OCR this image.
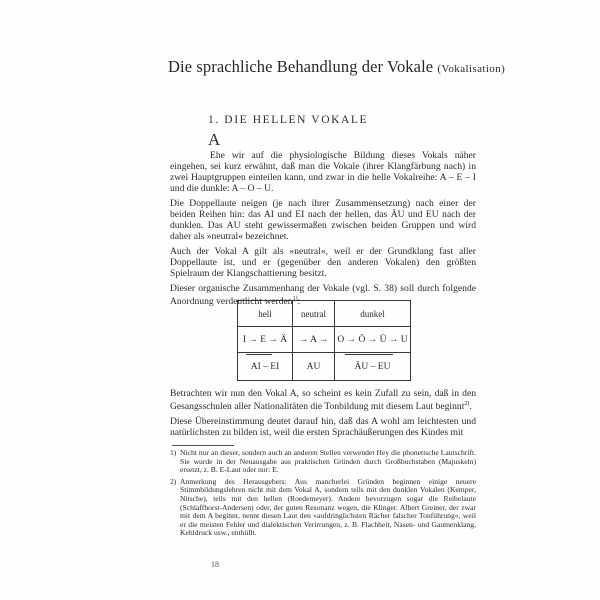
Die sprachliche Behandlung der Vokale (Vokalisation)
1. DIE HELLEN VOKALE
A

Ehe wir auf die physiologische Bildung dieses Vokals näher eingehen, sei kurz erwähnt, daß man die Vokale (ihrer Klangfärbung nach) in zwei Hauptgruppen einteilen kann, und zwar in die helle Vokalreihe: A – E – I und die dunkle: A – O – U.

Die Doppellaute neigen (je nach ihrer Zusammensetzung) nach einer der beiden Reihen hin: das AI und EI nach der hellen, das ÄU und EU nach der dunklen. Das AU steht gewissermaßen zwischen beiden Gruppen und wird daher als »neutral« bezeichnet.

Auch der Vokal A gilt als »neutral«, weil er der Grundklang fast aller Doppellaute ist, und er (gegenüber den anderen Vokalen) den größten Spielraum der Klangschattierung besitzt.

Dieser organische Zusammenhang der Vokale (vgl. S. 38) soll durch folgende Anordnung verdeutlicht werden$^{1)}$:

hell	neutral	dunkel
I → E → Ä	→ A →	O → Ö → Ü → U

AI – EI	AU	ÄU – EU

Betrachten wir nun den Vokal A, so scheint es kein Zufall zu sein, daß in den Gesangsschulen aller Nationalitäten die Tonbildung mit diesem Laut beginnt$^{2)}$.

Diese Übereinstimmung deutet darauf hin, daß das A wohl am leichtesten und natürlichsten zu bilden ist, weil die ersten Sprachäußerungen des Kindes mit

1) Nicht nur an dieser, sondern auch an anderen Stellen verwendet Hey die phonetische Lautschrift. Sie wurde in der Neuausgabe aus praktischen Gründen durch Großbuchstaben (Majuskeln) ersetzt, z. B. E-Laut oder nur: E.
2) Anmerkung des Herausgebers: Aus mancherlei Gründen beginnen einige neuere Stimmbildungslehren nicht mit dem Vokal A, sondern teils mit den dunklen Vokalen (Kemper, Nitsche), teils mit den hellen (Roedemeyer). Andere bevorzugen sogar die Reibelaute (Schlaffhorst-Andersen) oder, der guten Resonanz wegen, die Klinger. Albert Greiner, der zwar mit dem A beginnt, nennt diesen Laut den »aufdringlichsten Rächer falscher Tonführung«, weil er die meisten Fehler und dialektischen Verirrungen, z. B. Flachheit, Nasen- und Gaumenklang, Kehldruck usw., enthüllt.
18
